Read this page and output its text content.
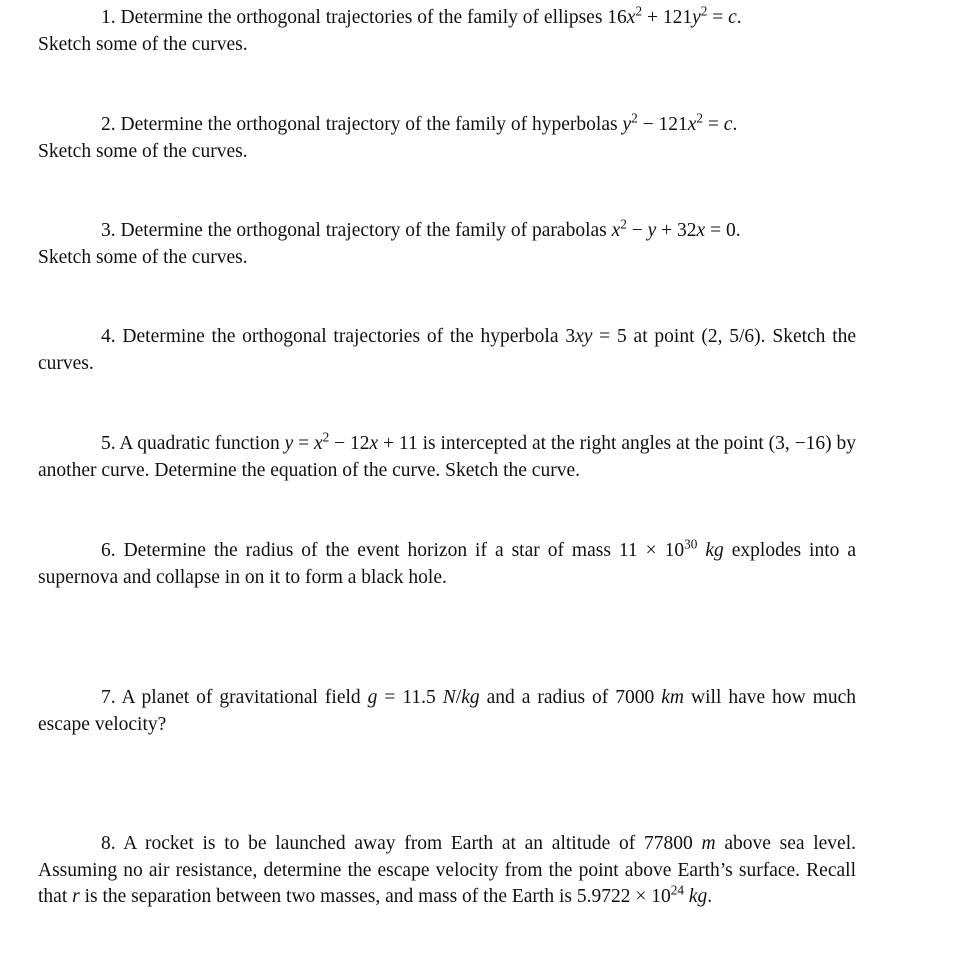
1. Determine the orthogonal trajectories of the family of ellipses $16x^2 + 121y^2 = c$.

Sketch some of the curves.

2. Determine the orthogonal trajectory of the family of hyperbolas $y^2 - 121x^2 = c$.

Sketch some of the curves.

3. Determine the orthogonal trajectory of the family of parabolas $x^2 - y + 32x = 0$.

Sketch some of the curves.

4. Determine the orthogonal trajectories of the hyperbola 3xy = 5 at point (2, 5/6). Sketch the curves.

5. A quadratic function $y = x^2 - 12x + 11$ is intercepted at the right angles at the point (3, −16) by another curve. Determine the equation of the curve. Sketch the curve.

6. Determine the radius of the event horizon if a star of mass $11 \times 10^{30}$ kg explodes into a supernova and collapse in on it to form a black hole.

7. A planet of gravitational field g = 11.5 N/kg and a radius of 7000 km will have how much escape velocity?

8. A rocket is to be launched away from Earth at an altitude of 77800 m above sea level. Assuming no air resistance, determine the escape velocity from the point above Earth’s surface. Recall that r is the separation between two masses, and mass of the Earth is $5.9722 \times 10^{24}$ kg.
